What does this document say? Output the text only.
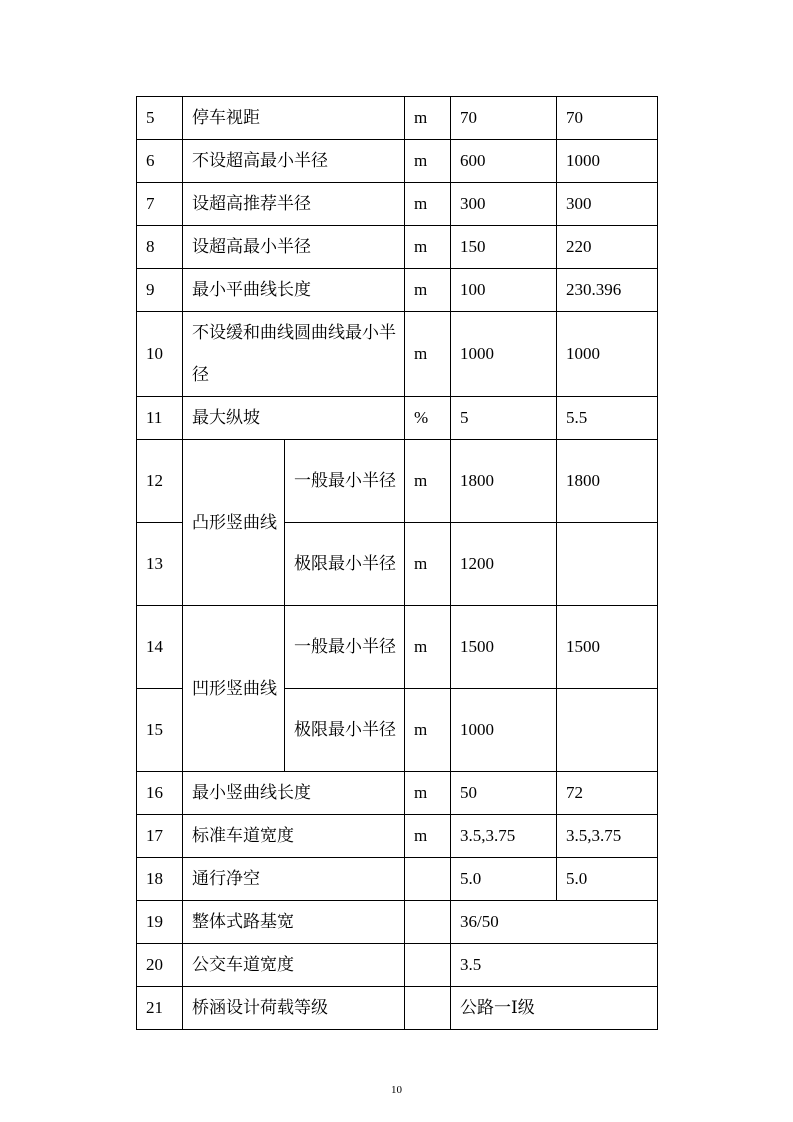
5	停车视距		m	70	70
6	不设超高最小半径		m	600	1000
7	设超高推荐半径		m	300	300
8	设超高最小半径		m	150	220
9	最小平曲线长度		m	100	230.396
10	不设缓和曲线圆曲线最小半径		m	1000	1000
11	最大纵坡		%	5	5.5
12	凸形竖曲线	一般最小半径	m	1800	1800
13		极限最小半径	m	1200	
14	凹形竖曲线	一般最小半径	m	1500	1500
15		极限最小半径	m	1000	
16	最小竖曲线长度		m	50	72
17	标准车道宽度		m	3.5,3.75	3.5,3.75
18	通行净空			5.0	5.0
19	整体式路基宽			36/50	
20	公交车道宽度			3.5	
21	桥涵设计荷载等级			公路一Ⅰ级	
10
